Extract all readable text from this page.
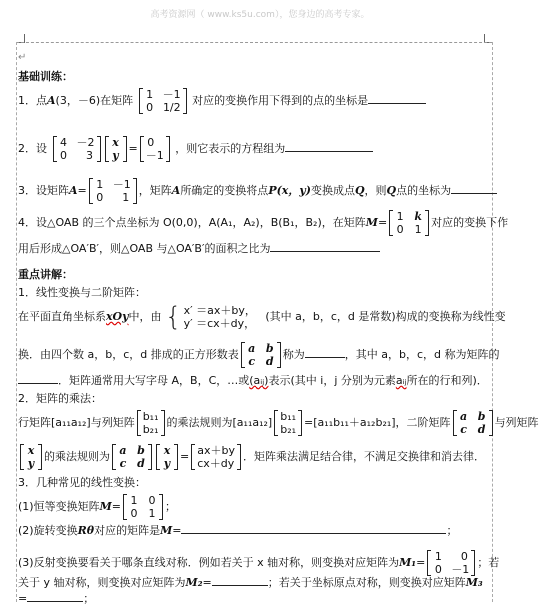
高考资源网（ www.ks5u.com），您身边的高考专家。
↵
基础训练：
1．点A(3，－6)在矩阵 1 －1
0 1/2
对应的变换作用下得到的点的坐标是
2．设 4 －2
0 3
x
y
= 0
－1
，则它表示的方程组为
3．设矩阵A= 1 －1
0 1
，矩阵A所确定的变换将点P(x，y)变换成点Q，则Q点的坐标为
4．设△OAB 的三个点坐标为 O(0,0)，A(A₁，A₂)，B(B₁，B₂)，在矩阵M= 1 k
0 1
对应的变换下作
用后形成△OA′B′，则△OAB 与△OA′B′的面积之比为
重点讲解：
1．线性变换与二阶矩阵：
在平面直角坐标系xOy中，由 { x′ ＝ax＋by，
y′ ＝cx＋dy，
(其中 a，b，c，d 是常数)构成的变换称为线性变
换．由四个数 a，b，c，d 排成的正方形数表 a b
c d
称为	，其中 a，b，c，d 称为矩阵的
．矩阵通常用大写字母 A，B，C，…或(aᵢⱼ)表示(其中 i，j 分别为元素aᵢⱼ所在的行和列)．
2．矩阵的乘法：
行矩阵[a₁₁a₁₂]与列矩阵 b₁₁
b₂₁
的乘法规则为[a₁₁a₁₂] b₁₁
b₂₁
=[a₁₁b₁₁＋a₁₂b₂₁]，二阶矩阵 a b
c d
与列矩阵
x
y
的乘法规则为 a b
c d
x
y
= ax＋by
cx＋dy
．矩阵乘法满足结合律，不满足交换律和消去律．
3．几种常见的线性变换：
(1)恒等变换矩阵M= 1 0
0 1
；
(2)旋转变换Rθ对应的矩阵是M=	；
(3)反射变换要看关于哪条直线对称．例如若关于 x 轴对称，则变换对应矩阵为M₁= 1 0
0 －1
；若
关于 y 轴对称，则变换对应矩阵为M₂=	；若关于坐标原点对称，则变换对应矩阵M₃
=	；
